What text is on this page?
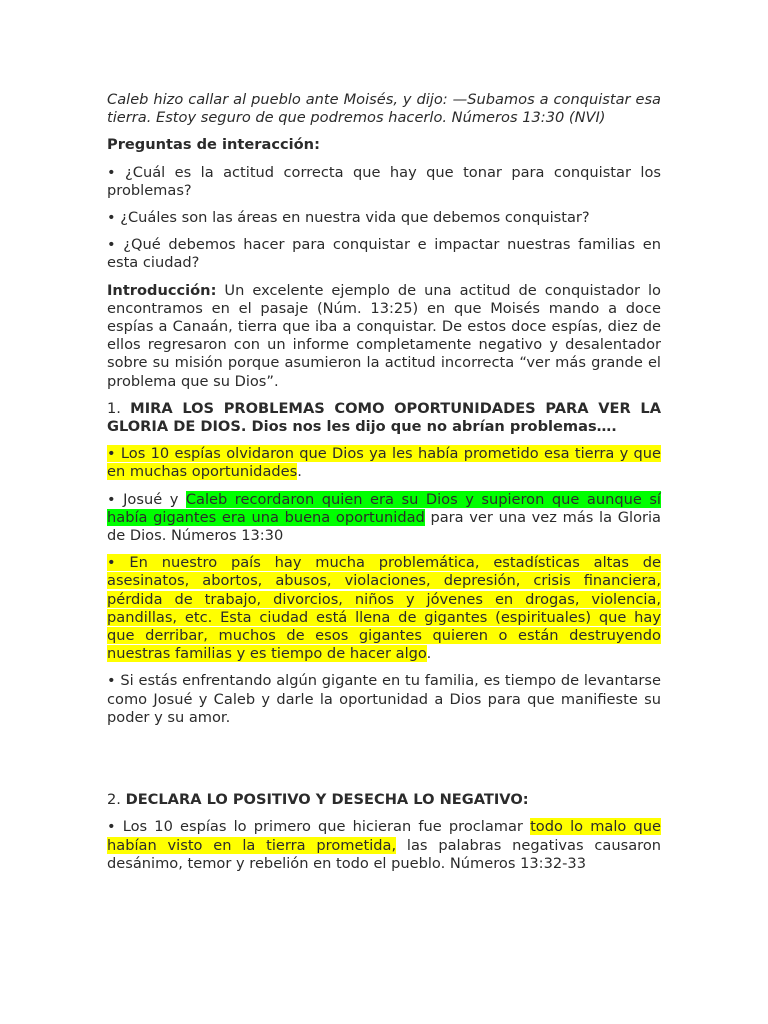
Caleb hizo callar al pueblo ante Moisés, y dijo: —Subamos a conquistar esa tierra. Estoy seguro de que podremos hacerlo. Números 13:30 (NVI)

Preguntas de interacción:

• ¿Cuál es la actitud correcta que hay que tonar para conquistar los problemas?

• ¿Cuáles son las áreas en nuestra vida que debemos conquistar?

• ¿Qué debemos hacer para conquistar e impactar nuestras familias en esta ciudad?

Introducción: Un excelente ejemplo de una actitud de conquistador lo encontramos en el pasaje (Núm. 13:25) en que Moisés mando a doce espías a Canaán, tierra que iba a conquistar. De estos doce espías, diez de ellos regresaron con un informe completamente negativo y desalentador sobre su misión porque asumieron la actitud incorrecta “ver más grande el problema que su Dios”.

1. MIRA LOS PROBLEMAS COMO OPORTUNIDADES PARA VER LA GLORIA DE DIOS. Dios nos les dijo que no abrían problemas….

• Los 10 espías olvidaron que Dios ya les había prometido esa tierra y que en muchas oportunidades.

• Josué y Caleb recordaron quien era su Dios y supieron que aunque sí había gigantes era una buena oportunidad para ver una vez más la Gloria de Dios. Números 13:30

• En nuestro país hay mucha problemática, estadísticas altas de asesinatos, abortos, abusos, violaciones, depresión, crisis financiera, pérdida de trabajo, divorcios, niños y jóvenes en drogas, violencia, pandillas, etc. Esta ciudad está llena de gigantes (espirituales) que hay que derribar, muchos de esos gigantes quieren o están destruyendo nuestras familias y es tiempo de hacer algo.

• Si estás enfrentando algún gigante en tu familia, es tiempo de levantarse como Josué y Caleb y darle la oportunidad a Dios para que manifieste su poder y su amor.

2. DECLARA LO POSITIVO Y DESECHA LO NEGATIVO:

• Los 10 espías lo primero que hicieran fue proclamar todo lo malo que habían visto en la tierra prometida, las palabras negativas causaron desánimo, temor y rebelión en todo el pueblo. Números 13:32-33
